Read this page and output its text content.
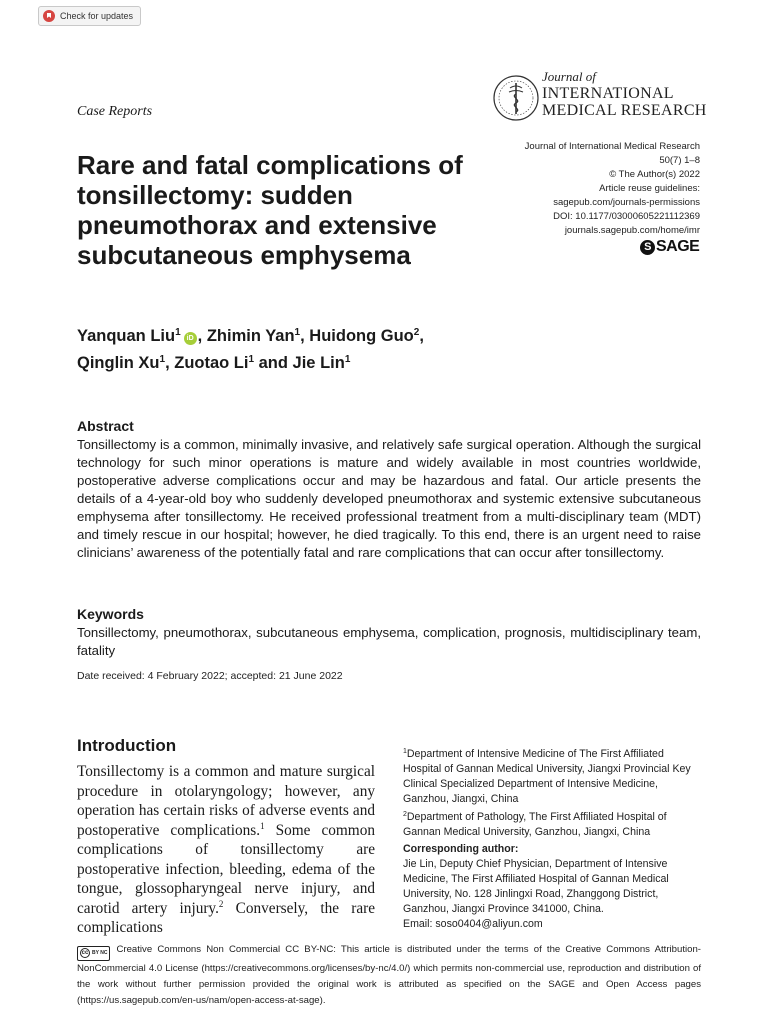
Check for updates
Journal of
INTERNATIONAL
MEDICAL RESEARCH
Case Reports
Journal of International Medical Research
50(7) 1–8
© The Author(s) 2022
Article reuse guidelines:
sagepub.com/journals-permissions
DOI: 10.1177/03000605221112369
journals.sagepub.com/home/imr
S SAGE
Rare and fatal complications of tonsillectomy: sudden pneumothorax and extensive subcutaneous emphysema

Yanquan Liu$^1$iD , Zhimin Yan$^1$, Huidong Guo$^2$,
Qinglin Xu$^1$, Zuotao Li$^1$ and Jie Lin$^1$

Abstract

Tonsillectomy is a common, minimally invasive, and relatively safe surgical operation. Although the surgical technology for such minor operations is mature and widely available in most countries worldwide, postoperative adverse complications occur and may be hazardous and fatal. Our article presents the details of a 4-year-old boy who suddenly developed pneumothorax and systemic extensive subcutaneous emphysema after tonsillectomy. He received professional treatment from a multi-disciplinary team (MDT) and timely rescue in our hospital; however, he died tragically. To this end, there is an urgent need to raise clinicians’ awareness of the potentially fatal and rare complications that can occur after tonsillectomy.

Keywords

Tonsillectomy, pneumothorax, subcutaneous emphysema, complication, prognosis, multidisciplinary team, fatality

Date received: 4 February 2022; accepted: 21 June 2022
Introduction

Tonsillectomy is a common and mature surgical procedure in otolaryngology; however, any operation has certain risks of adverse events and postoperative complications.$^1$ Some common complications of tonsillectomy are postoperative infection, bleeding, edema of the tongue, glossopharyngeal nerve injury, and carotid artery injury.$^2$ Conversely, the rare complications

$^1$Department of Intensive Medicine of The First Affiliated Hospital of Gannan Medical University, Jiangxi Provincial Key Clinical Specialized Department of Intensive Medicine, Ganzhou, Jiangxi, China

$^2$Department of Pathology, The First Affiliated Hospital of Gannan Medical University, Ganzhou, Jiangxi, China

Corresponding author:

Jie Lin, Deputy Chief Physician, Department of Intensive Medicine, The First Affiliated Hospital of Gannan Medical University, No. 128 Jinlingxi Road, Zhanggong District, Ganzhou, Jiangxi Province 341000, China.

Email: soso0404@aliyun.com

cc BY NC Creative Commons Non Commercial CC BY-NC: This article is distributed under the terms of the Creative Commons Attribution-NonCommercial 4.0 License (https://creativecommons.org/licenses/by-nc/4.0/) which permits non-commercial use, reproduction and distribution of the work without further permission provided the original work is attributed as specified on the SAGE and Open Access pages (https://us.sagepub.com/en-us/nam/open-access-at-sage).
